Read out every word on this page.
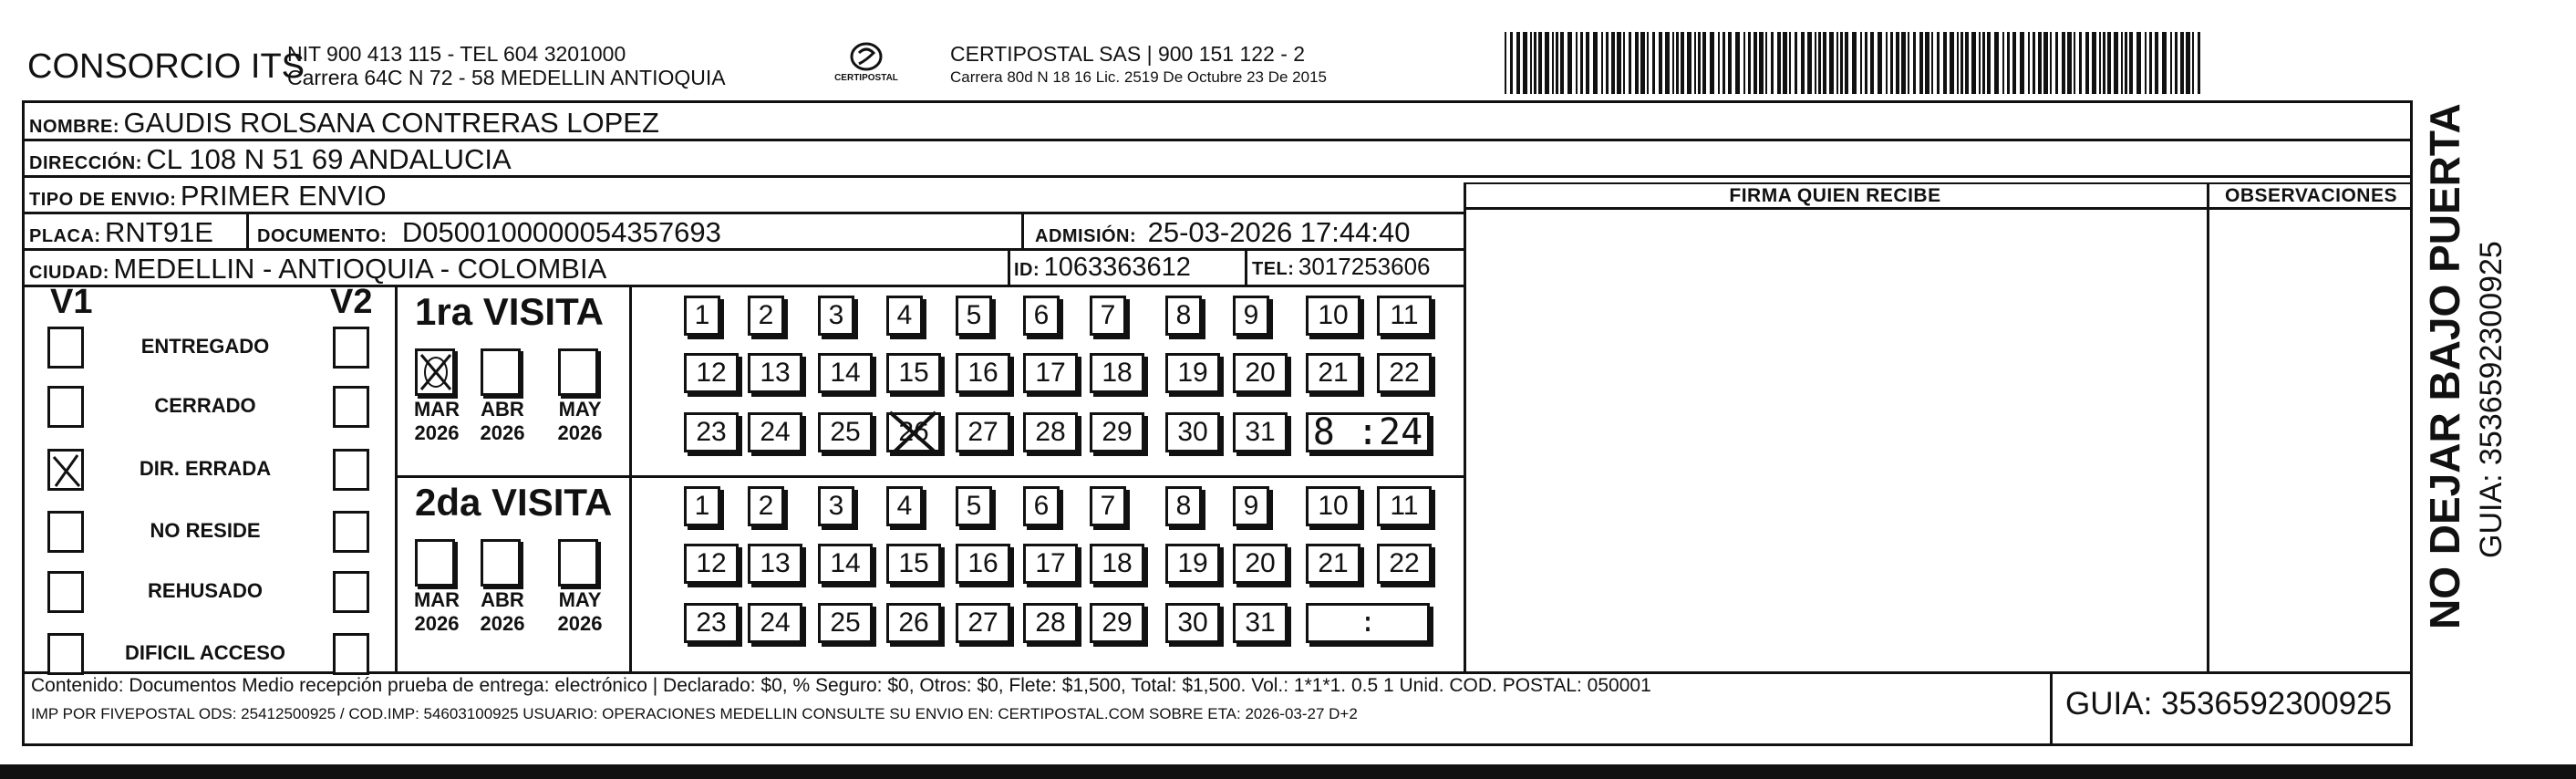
CONSORCIO ITS
NIT 900 413 115 - TEL 604 3201000
Carrera 64C N 72 - 58 MEDELLIN ANTIOQUIA	CERTIPOSTAL
CERTIPOSTAL SAS | 900 151 122 - 2
Carrera 80d N 18 16 Lic. 2519 De Octubre 23 De 2015
NOMBRE: GAUDIS ROLSANA CONTRERAS LOPEZ
DIRECCIÓN: CL 108 N 51 69 ANDALUCIA
TIPO DE ENVIO: PRIMER ENVIO
PLACA: RNT91E DOCUMENTO: D0500100000054357693	ADMISIÓN: 25-03-2026 17:44:40
CIUDAD: MEDELLIN - ANTIOQUIA - COLOMBIA	ID: 1063363612	TEL: 3017253606
FIRMA QUIEN RECIBE	OBSERVACIONES
V1	V2
ENTREGADO
CERRADO
DIR. ERRADA
NO RESIDE
REHUSADO
DIFICIL ACCESO
1ra VISITA
2da VISITA
MAR
2026
ABR
2026
MAY
2026
1	2	3	4	5	6	7	8	9	10	11
12	13	14	15	16	17	18	19	20	21	22
23	24	25	26	27	28	29	30	31	8 :24
MAR
2026
ABR
2026
MAY
2026
1	2	3	4	5	6	7	8	9	10	11
12	13	14	15	16	17	18	19	20	21	22
23	24	25	26	27	28	29	30	31	:
Contenido: Documentos Medio recepción prueba de entrega: electrónico | Declarado: $0, % Seguro: $0, Otros: $0, Flete: $1,500, Total: $1,500. Vol.: 1*1*1. 0.5 1 Unid. COD. POSTAL: 050001
IMP POR FIVEPOSTAL ODS: 25412500925 / COD.IMP: 54603100925 USUARIO: OPERACIONES MEDELLIN CONSULTE SU ENVIO EN: CERTIPOSTAL.COM SOBRE ETA: 2026-03-27 D+2	GUIA: 3536592300925
NO DEJAR BAJO PUERTA GUIA: 3536592300925
